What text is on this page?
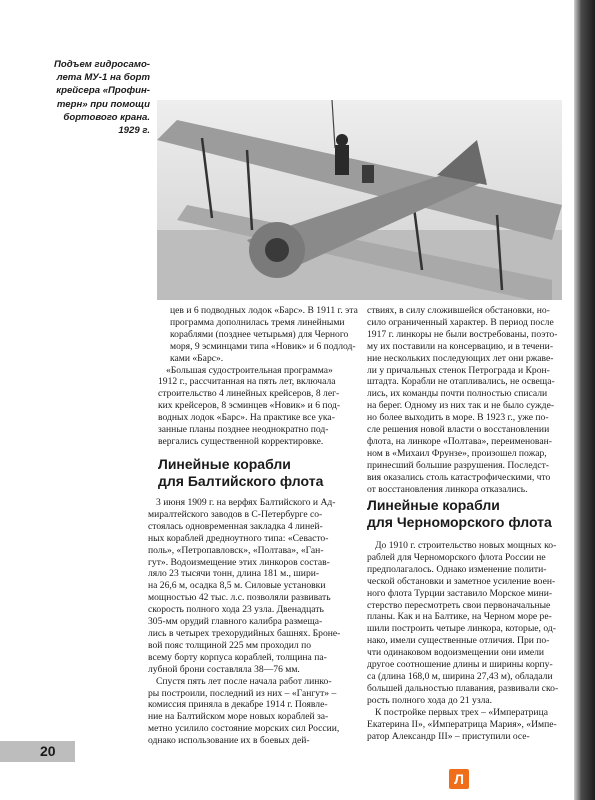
Подъем гидросамо-
лета МУ-1 на борт
крейсера «Профин-
терн» при помощи
бортового крана.
1929 г.

цев и 6 подводных лодок «Барс». В 1911 г. эта
программа дополнилась тремя линейными
кораблями (позднее четырьмя) для Черного
моря, 9 эсминцами типа «Новик» и 6 подлод-
ками «Барс».

«Большая судостроительная программа»
1912 г., рассчитанная на пять лет, включала
строительство 4 линейных крейсеров, 8 лег-
ких крейсеров, 8 эсминцев «Новик» и 6 под-
водных лодок «Барс». На практике все ука-
занные планы позднее неоднократно под-
вергались существенной корректировке.

Линейные корабли
для Балтийского флота

3 июня 1909 г. на верфях Балтийского и Ад-
миралтейского заводов в С-Петербурге со-
стоялась одновременная закладка 4 линей-
ных кораблей дредноутного типа: «Севасто-
поль», «Петропавловск», «Полтава», «Ган-
гут». Водоизмещение этих линкоров состав-
ляло 23 тысячи тонн, длина 181 м., шири-
на 26,6 м, осадка 8,5 м. Силовые установки
мощностью 42 тыс. л.с. позволяли развивать
скорость полного хода 23 узла. Двенадцать
305-мм орудий главного калибра размеща-
лись в четырех трехорудийных башнях. Броне-
вой пояс толщиной 225 мм проходил по
всему борту корпуса кораблей, толщина па-
лубной брони составляла 38—76 мм.

Спустя пять лет после начала работ линко-
ры построили, последний из них – «Гангут» –
комиссия приняла в декабре 1914 г. Появле-
ние на Балтийском море новых кораблей за-
метно усилило состояние морских сил России,
однако использование их в боевых дей-

ствиях, в силу сложившейся обстановки, но-
сило ограниченный характер. В период после
1917 г. линкоры не были востребованы, поэто-
му их поставили на консервацию, и в течени-
ние нескольких последующих лет они ржаве-
ли у причальных стенок Петрограда и Крон-
штадта. Корабли не отапливались, не освеща-
лись, их команды почти полностью списали
на берег. Одному из них так и не было сужде-
но более выходить в море. В 1923 г., уже по-
сле решения новой власти о восстановлении
флота, на линкоре «Полтава», переименован-
ном в «Михаил Фрунзе», произошел пожар,
принесший большие разрушения. Последст-
вия оказались столь катастрофическими, что
от восстановления линкора отказались.

Линейные корабли
для Черноморского флота

До 1910 г. строительство новых мощных ко-
раблей для Черноморского флота России не
предполагалось. Однако изменение полити-
ческой обстановки и заметное усиление воен-
ного флота Турции заставило Морское мини-
стерство пересмотреть свои первоначальные
планы. Как и на Балтике, на Черном море ре-
шили построить четыре линкора, которые, од-
нако, имели существенные отличия. При по-
чти одинаковом водоизмещении они имели
другое соотношение длины и ширины корпу-
са (длина 168,0 м, ширина 27,43 м), обладали
большей дальностью плавания, развивали ско-
рость полного хода до 21 узла.

К постройке первых трех – «Императрица
Екатерина II», «Императрица Мария», «Импе-
ратор Александр III» – приступили осе-

20
Л
